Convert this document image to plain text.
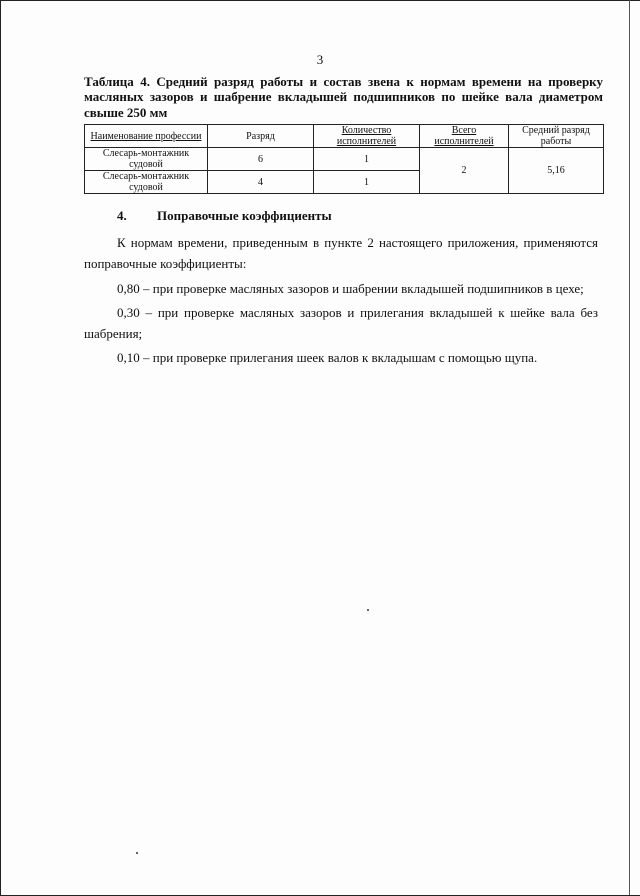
3
Таблица 4. Средний разряд работы и состав звена к нормам времени на проверку масляных зазоров и шабрение вкладышей подшипников по шейке вала диаметром
свыше 250 мм
Наименование профессии	Разряд	Количество исполнителей	Всего исполнителей	Средний разряд работы
Слесарь-монтажник судовой	6	1	2	5,16
Слесарь-монтажник судовой	4	1		
4. Поправочные коэффициенты
К нормам времени, приведенным в пункте 2 настоящего приложения, применяются поправочные коэффициенты:
0,80 – при проверке масляных зазоров и шабрении вкладышей подшипников в цехе;
0,30 – при проверке масляных зазоров и прилегания вкладышей к шейке вала без шабрения;
0,10 – при проверке прилегания шеек валов к вкладышам с помощью щупа.
